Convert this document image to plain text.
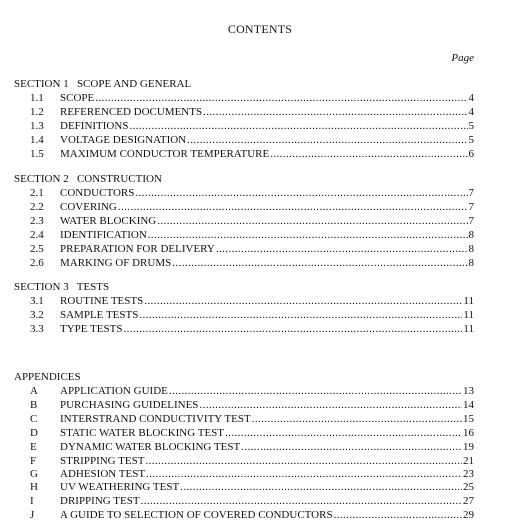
CONTENTS
Page
SECTION 1   SCOPE AND GENERAL
1.1	SCOPE .....	4
1.2	REFERENCED DOCUMENTS .....	4
1.3	DEFINITIONS .....	5
1.4	VOLTAGE DESIGNATION .....	5
1.5	MAXIMUM CONDUCTOR TEMPERATURE .....	6
SECTION 2   CONSTRUCTION
2.1	CONDUCTORS .....	7
2.2	COVERING .....	7
2.3	WATER BLOCKING .....	7
2.4	IDENTIFICATION .....	8
2.5	PREPARATION FOR DELIVERY .....	8
2.6	MARKING OF DRUMS .....	8
SECTION 3   TESTS
3.1	ROUTINE TESTS .....	11
3.2	SAMPLE TESTS .....	11
3.3	TYPE TESTS .....	11
APPENDICES
A	APPLICATION GUIDE .....	13
B	PURCHASING GUIDELINES .....	14
C	INTERSTRAND CONDUCTIVITY TEST .....	15
D	STATIC WATER BLOCKING TEST .....	16
E	DYNAMIC WATER BLOCKING TEST .....	19
F	STRIPPING TEST .....	21
G	ADHESION TEST .....	23
H	UV WEATHERING TEST .....	25
I	DRIPPING TEST .....	27
J	A GUIDE TO SELECTION OF COVERED CONDUCTORS .....	29
